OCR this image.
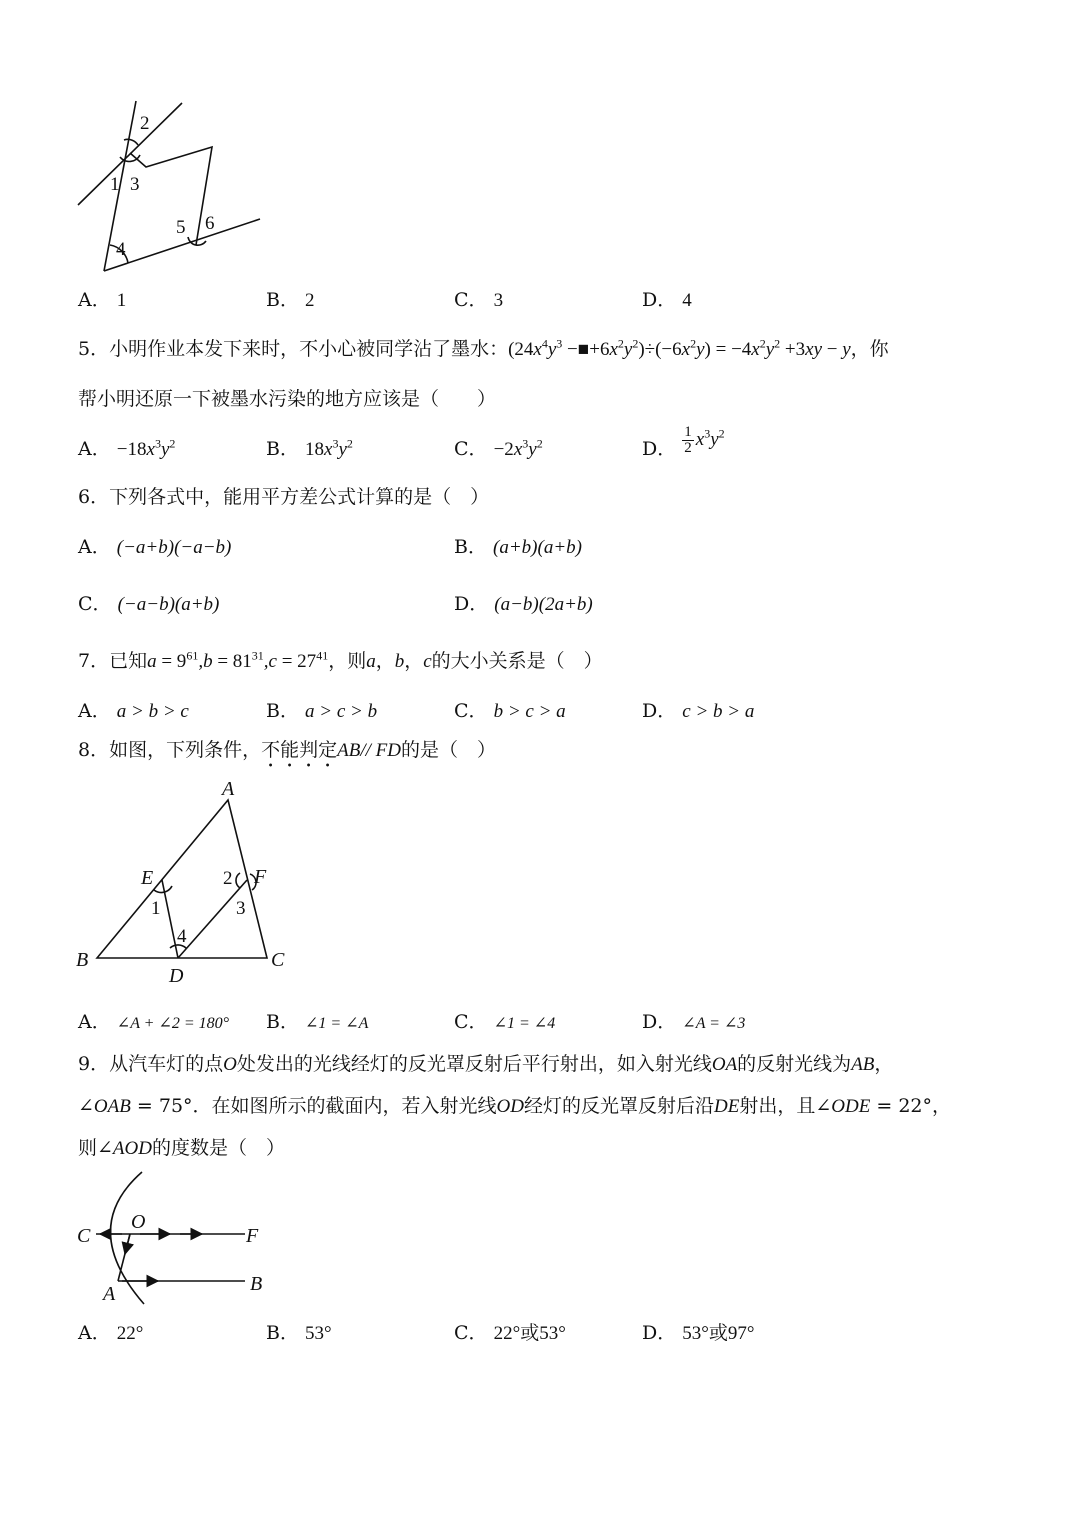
2
1 3
5 6
4
A． 1	B． 2	C． 3	D． 4
5．小明作业本发下来时，不小心被同学沾了墨水：($24x^4y^3$ $-■+6x^2y^2)\div(-6x^2y) = -4x^2y^2 +3xy - y$，你
帮小明还原一下被墨水污染的地方应该是（　　）
A． $-18x^3y^2$	B． $18x^3y^2$	C． $-2x^3y^2$	D． $\frac{1}{2} x^3y^2$
6．下列各式中，能用平方差公式计算的是（　）
A． (−a+b)(−a−b)	B． (a+b)(a+b)
C． (−a−b)(a+b)	D． (a−b)(2a+b)
7．已知$a = 9^{61},b = 81^{31},c = 27^{41}$，则a，b，c的大小关系是（　）
A． a > b > c	B． a > c > b	C． b > c > a	D． c > b > a
8．如图，下列条件，不能判定AB// FD的是（　）
A
E
1
2 F
3
4
B
D
C
A． ∠A + ∠2 = 180° B． ∠1 = ∠A	C． ∠1 = ∠4	D． ∠A = ∠3
9．从汽车灯的点O处发出的光线经灯的反光罩反射后平行射出，如入射光线OA的反射光线为AB，
∠OAB = 75°．在如图所示的截面内，若入射光线OD经灯的反光罩反射后沿DE射出，且∠ODE = 22°，
则∠AOD的度数是（　）
C
O
F
A	B
A． 22°	B． 53°	C． 22°或53°	D． 53°或97°
